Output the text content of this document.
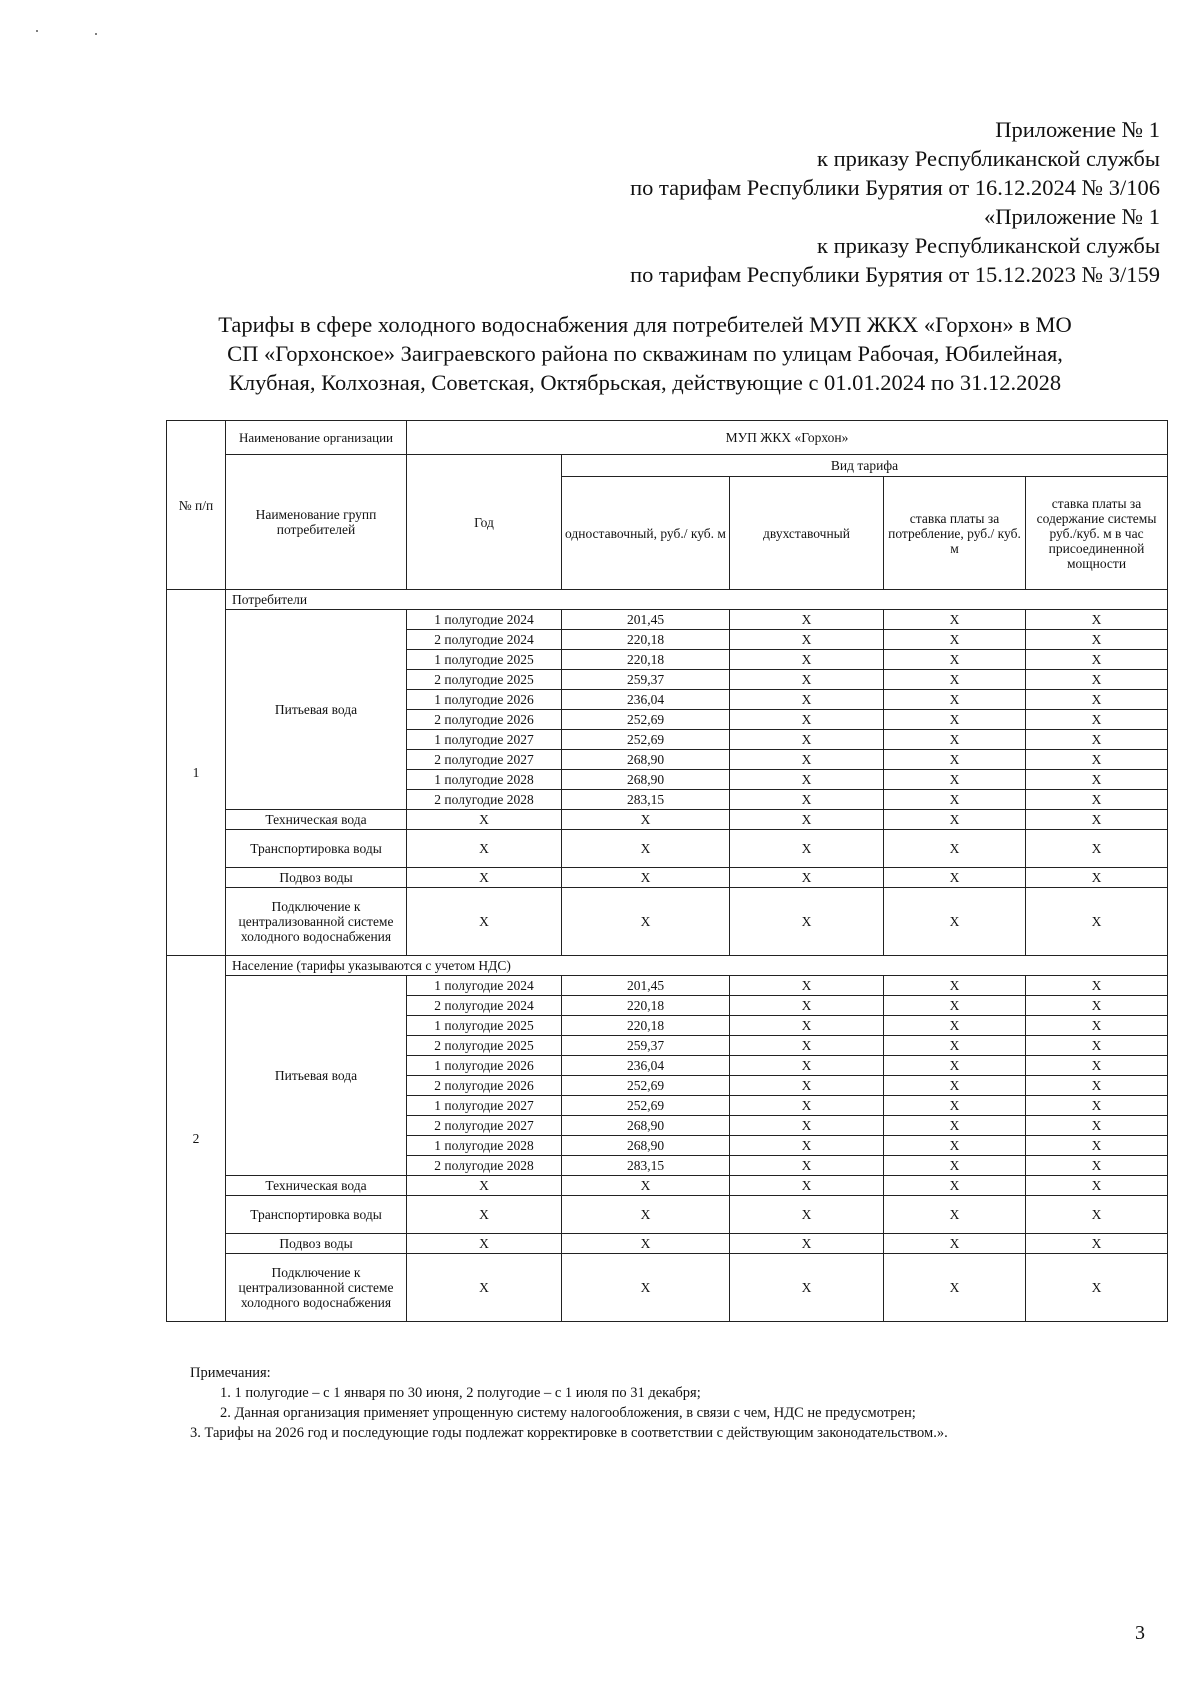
Приложение № 1
к приказу Республиканской службы
по тарифам Республики Бурятия от 16.12.2024 № 3/106
«Приложение № 1
к приказу Республиканской службы
по тарифам Республики Бурятия от 15.12.2023 № 3/159
Тарифы в сфере холодного водоснабжения для потребителей МУП ЖКХ «Горхон» в МО
СП «Горхонское» Заиграевского района по скважинам по улицам Рабочая, Юбилейная,
Клубная, Колхозная, Советская, Октябрьская, действующие с 01.01.2024 по 31.12.2028
№ п/п	Наименование организации	МУП ЖКХ «Горхон»				
	Наименование групп потребителей	Год	Вид тарифа			
			одноставочный, руб./ куб. м	двухставочный	ставка платы за потребление, руб./ куб. м	ставка платы за содержание системы руб./куб. м в час присоединенной мощности
1	Потребители					
	Питьевая вода	1 полугодие 2024	201,45	X	X	X
		2 полугодие 2024	220,18	X	X	X
		1 полугодие 2025	220,18	X	X	X
		2 полугодие 2025	259,37	X	X	X
		1 полугодие 2026	236,04	X	X	X
		2 полугодие 2026	252,69	X	X	X
		1 полугодие 2027	252,69	X	X	X
		2 полугодие 2027	268,90	X	X	X
		1 полугодие 2028	268,90	X	X	X
		2 полугодие 2028	283,15	X	X	X
	Техническая вода	X	X	X	X	X
	Транспортировка воды	X	X	X	X	X
	Подвоз воды	X	X	X	X	X
	Подключение к централизованной системе холодного водоснабжения	X	X	X	X	X
2	Население (тарифы указываются с учетом НДС)					
	Питьевая вода	1 полугодие 2024	201,45	X	X	X
		2 полугодие 2024	220,18	X	X	X
		1 полугодие 2025	220,18	X	X	X
		2 полугодие 2025	259,37	X	X	X
		1 полугодие 2026	236,04	X	X	X
		2 полугодие 2026	252,69	X	X	X
		1 полугодие 2027	252,69	X	X	X
		2 полугодие 2027	268,90	X	X	X
		1 полугодие 2028	268,90	X	X	X
		2 полугодие 2028	283,15	X	X	X
	Техническая вода	X	X	X	X	X
	Транспортировка воды	X	X	X	X	X
	Подвоз воды	X	X	X	X	X
	Подключение к централизованной системе холодного водоснабжения	X	X	X	X	X
Примечания:
1. 1 полугодие – с 1 января по 30 июня, 2 полугодие – с 1 июля по 31 декабря;
2. Данная организация применяет упрощенную систему налогообложения, в связи с чем, НДС не предусмотрен;
3. Тарифы на 2026 год и последующие годы подлежат корректировке в соответствии с действующим законодательством.».
3
